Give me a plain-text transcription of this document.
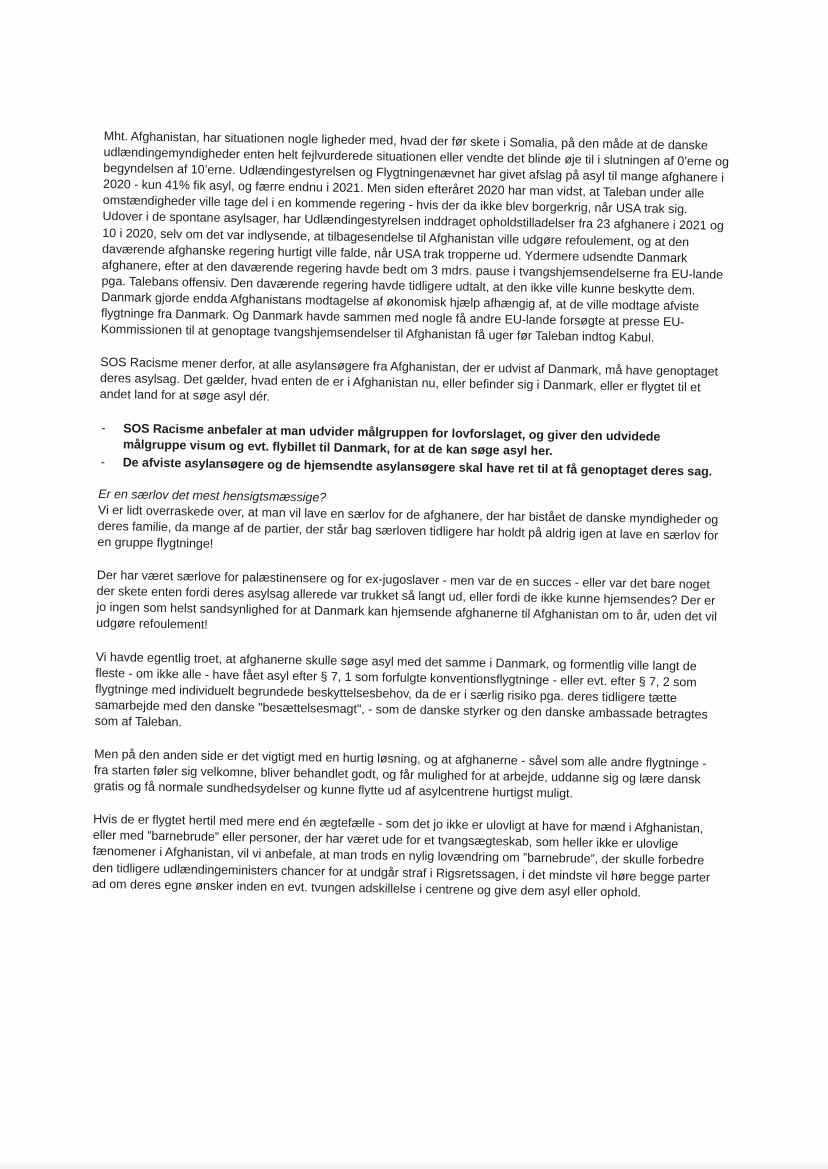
Mht. Afghanistan, har situationen nogle ligheder med, hvad der før skete i Somalia, på den måde at de danske udlændingemyndigheder enten helt fejlvurderede situationen eller vendte det blinde øje til i slutningen af 0’erne og begyndelsen af 10’erne. Udlændingestyrelsen og Flygtningenævnet har givet afslag på asyl til mange afghanere i 2020 - kun 41% fik asyl, og færre endnu i 2021. Men siden efteråret 2020 har man vidst, at Taleban under alle omstændigheder ville tage del i en kommende regering - hvis der da ikke blev borgerkrig, når USA trak sig. Udover i de spontane asylsager, har Udlændingestyrelsen inddraget opholdstilladelser fra 23 afghanere i 2021 og 10 i 2020, selv om det var indlysende, at tilbagesendelse til Afghanistan ville udgøre refoulement, og at den daværende afghanske regering hurtigt ville falde, når USA trak tropperne ud. Ydermere udsendte Danmark afghanere, efter at den daværende regering havde bedt om 3 mdrs. pause i tvangshjemsendelserne fra EU-lande pga. Talebans offensiv. Den daværende regering havde tidligere udtalt, at den ikke ville kunne beskytte dem. Danmark gjorde endda Afghanistans modtagelse af økonomisk hjælp afhængig af, at de ville modtage afviste flygtninge fra Danmark. Og Danmark havde sammen med nogle få andre EU-lande forsøgte at presse EU-Kommissionen til at genoptage tvangshjemsendelser til Afghanistan få uger før Taleban indtog Kabul.

SOS Racisme mener derfor, at alle asylansøgere fra Afghanistan, der er udvist af Danmark, må have genoptaget deres asylsag. Det gælder, hvad enten de er i Afghanistan nu, eller befinder sig i Danmark, eller er flygtet til et andet land for at søge asyl dér.

- SOS Racisme anbefaler at man udvider målgruppen for lovforslaget, og giver den udvidede målgruppe visum og evt. flybillet til Danmark, for at de kan søge asyl her.
- De afviste asylansøgere og de hjemsendte asylansøgere skal have ret til at få genoptaget deres sag.

Er en særlov det mest hensigtsmæssige?

Vi er lidt overraskede over, at man vil lave en særlov for de afghanere, der har bistået de danske myndigheder og deres familie, da mange af de partier, der står bag særloven tidligere har holdt på aldrig igen at lave en særlov for en gruppe flygtninge!

Der har været særlove for palæstinensere og for ex-jugoslaver - men var de en succes - eller var det bare noget der skete enten fordi deres asylsag allerede var trukket så langt ud, eller fordi de ikke kunne hjemsendes? Der er jo ingen som helst sandsynlighed for at Danmark kan hjemsende afghanerne til Afghanistan om to år, uden det vil udgøre refoulement!

Vi havde egentlig troet, at afghanerne skulle søge asyl med det samme i Danmark, og formentlig ville langt de fleste - om ikke alle - have fået asyl efter § 7, 1 som forfulgte konventionsflygtninge - eller evt. efter § 7, 2 som flygtninge med individuelt begrundede beskyttelsesbehov, da de er i særlig risiko pga. deres tidligere tætte samarbejde med den danske "besættelsesmagt", - som de danske styrker og den danske ambassade betragtes som af Taleban.

Men på den anden side er det vigtigt med en hurtig løsning, og at afghanerne - såvel som alle andre flygtninge - fra starten føler sig velkomne, bliver behandlet godt, og får mulighed for at arbejde, uddanne sig og lære dansk gratis og få normale sundhedsydelser og kunne flytte ud af asylcentrene hurtigst muligt.

Hvis de er flygtet hertil med mere end én ægtefælle - som det jo ikke er ulovligt at have for mænd i Afghanistan, eller med ”barnebrude” eller personer, der har været ude for et tvangsægteskab, som heller ikke er ulovlige fænomener i Afghanistan, vil vi anbefale, at man trods en nylig lovændring om ”barnebrude”, der skulle forbedre den tidligere udlændingeministers chancer for at undgår straf i Rigsretssagen, i det mindste vil høre begge parter ad om deres egne ønsker inden en evt. tvungen adskillelse i centrene og give dem asyl eller ophold.
